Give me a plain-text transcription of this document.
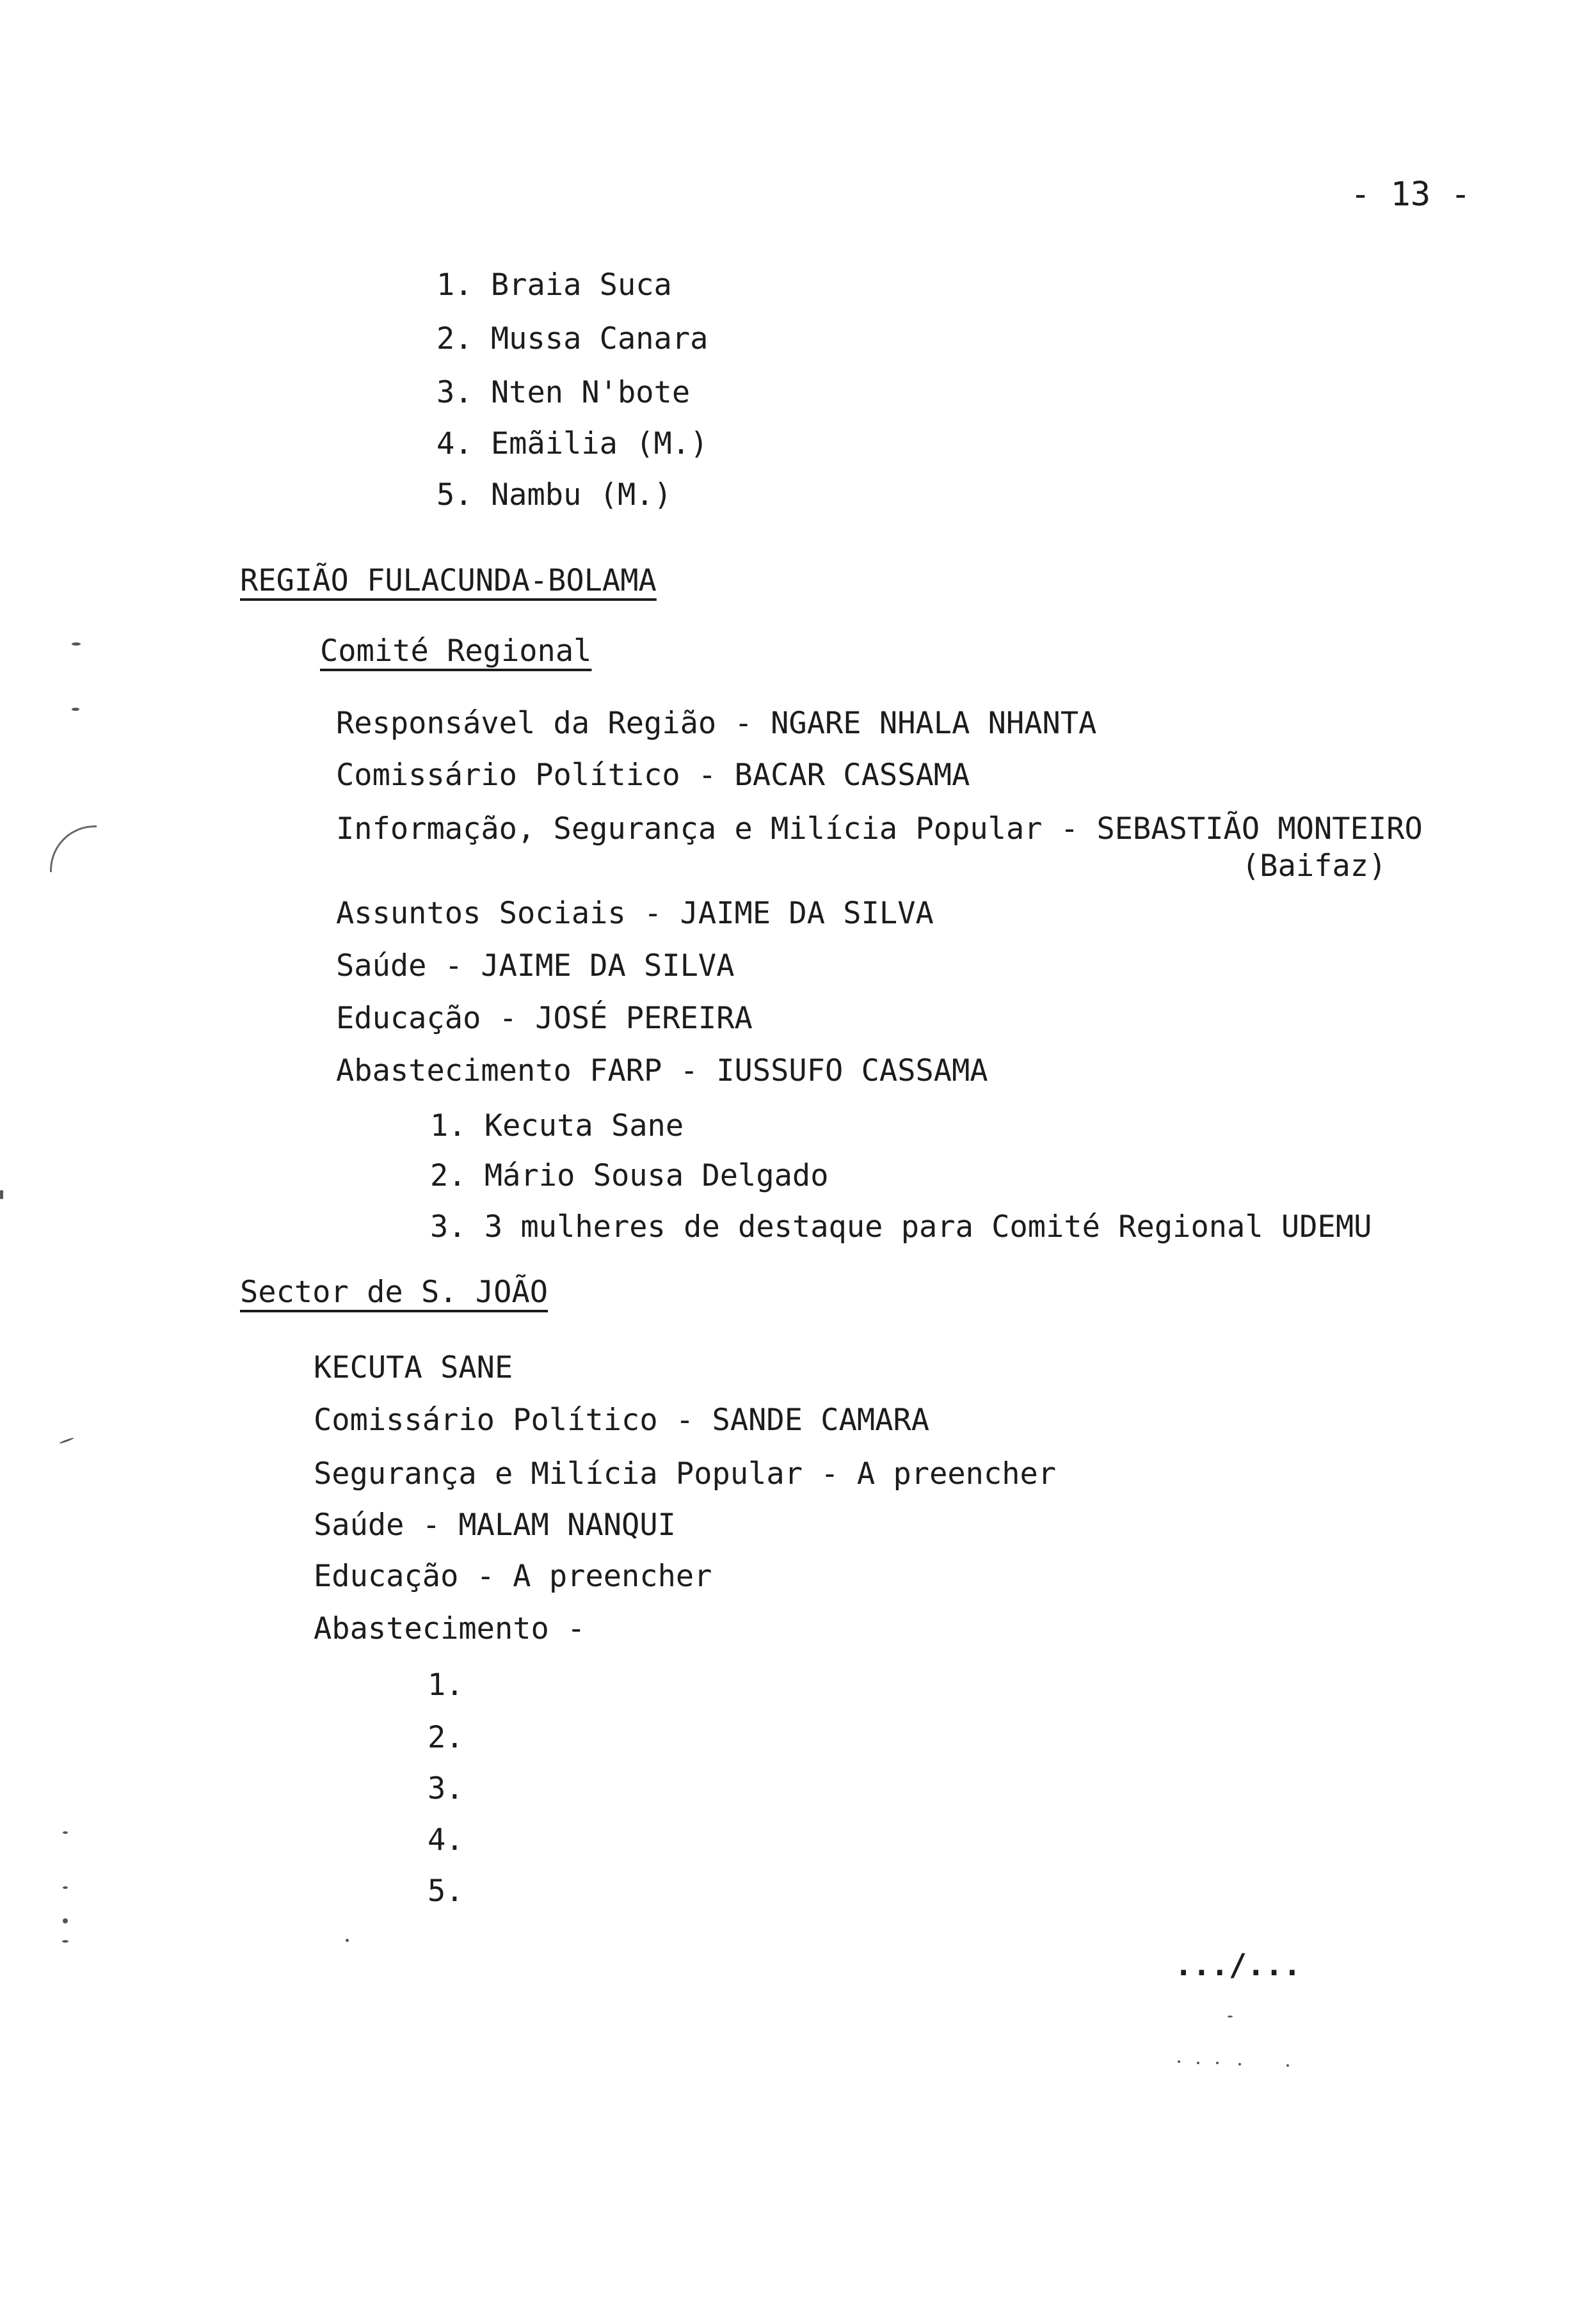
- 13 -
1. Braia Suca
2. Mussa Canara
3. Nten N'bote
4. Emãilia (M.)
5. Nambu (M.)
REGIÃO FULACUNDA-BOLAMA
Comité Regional
Responsável da Região - NGARE NHALA NHANTA
Comissário Político - BACAR CASSAMA
Informação, Segurança e Milícia Popular - SEBASTIÃO MONTEIRO
(Baifaz)
Assuntos Sociais - JAIME DA SILVA
Saúde - JAIME DA SILVA
Educação - JOSÉ PEREIRA
Abastecimento FARP - IUSSUFO CASSAMA
1. Kecuta Sane
2. Mário Sousa Delgado
3. 3 mulheres de destaque para Comité Regional UDEMU
Sector de S. JOÃO
KECUTA SANE
Comissário Político - SANDE CAMARA
Segurança e Milícia Popular - A preencher
Saúde - MALAM NANQUI
Educação - A preencher
Abastecimento -
1.
2.
3.
4.
5.
.../...
